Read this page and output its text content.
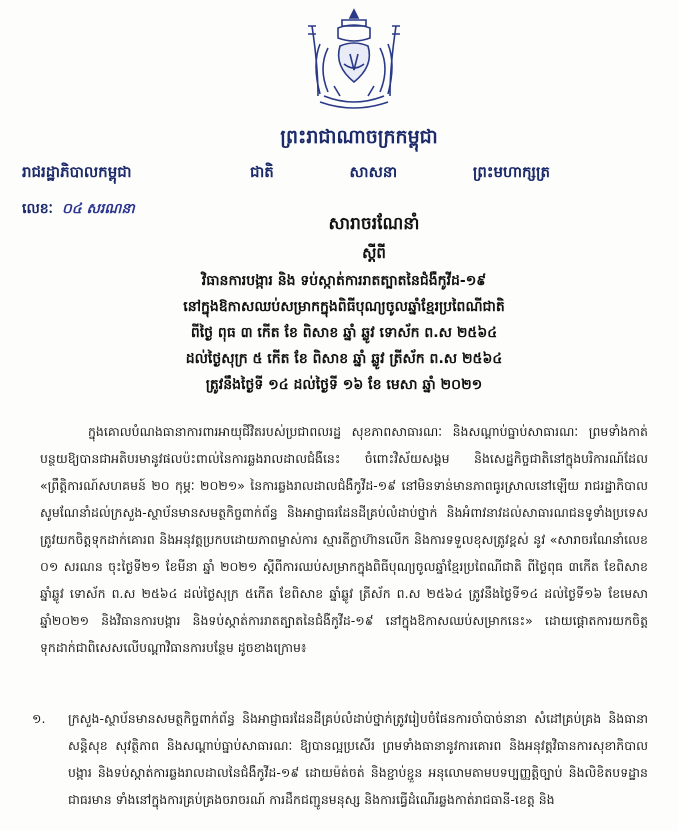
ព្រះរាជាណាចក្រកម្ពុជា
រាជរដ្ឋាភិបាលកម្ពុជា	ជាតិ	សាសនា	ព្រះមហាក្សត្រ
លេខៈ ០៤ សរណនា
សារាចរណែនាំ
ស្តីពី
វិធានការបង្ការ និង ទប់ស្កាត់ការរាតត្បាតនៃជំងឺកូវីដ-១៩
នៅក្នុងឱកាសឈប់សម្រាកក្នុងពិធីបុណ្យចូលឆ្នាំខ្មែរប្រពៃណីជាតិ
ពីថ្ងៃ ពុធ ៣ កើត ខែ ពិសាខ ឆ្នាំ ឆ្លូវ ទោស័ក ព.ស ២៥៦៤
ដល់ថ្ងៃសុក្រ ៥ កើត ខែ ពិសាខ ឆ្នាំ ឆ្លូវ ត្រីស័ក ព.ស ២៥៦៤
ត្រូវនឹងថ្ងៃទី ១៤ ដល់ថ្ងៃទី ១៦ ខែ មេសា ឆ្នាំ ២០២១
ក្នុងគោលបំណងធានាការពារអាយុជីវិតរបស់ប្រជាពលរដ្ឋ សុខភាពសាធារណៈ និងសណ្តាប់ធ្នាប់សាធារណៈ ព្រមទាំងកាត់បន្ថយឱ្យបានជាអតិបរមានូវផលប៉ះពាល់នៃការឆ្លងរាលដាលជំងឺនេះ ចំពោះវិស័យសង្គម និងសេដ្ឋកិច្ចជាតិនៅក្នុងបរិការណ៍ដែល «ព្រឹត្តិការណ៍សហគមន៍ ២០ កុម្ភៈ ២០២១» នៃការឆ្លងរាលដាលជំងឺកូវីដ-១៩ នៅមិនទាន់មានភាពធូរស្រាលនៅឡើយ រាជរដ្ឋាភិបាលសូមណែនាំដល់ក្រសួង-ស្ថាប័នមានសមត្ថកិច្ចពាក់ព័ន្ធ និងអាជ្ញាធរដែនដីគ្រប់លំដាប់ថ្នាក់ និងអំពាវនាវដល់សាធារណជនទូទាំងប្រទេសត្រូវយកចិត្តទុកដាក់គោរព និងអនុវត្តប្រកបដោយភាពម្ចាស់ការ ស្មារតីក្លាហ៊ានលើក និងការទទួលខុសត្រូវខ្ពស់ នូវ «សារាចរណែនាំលេខ ០១ សរណន ចុះថ្ងៃទី២១ ខែមីនា ឆ្នាំ ២០២១ ស្តីពីការឈប់សម្រាកក្នុងពិធីបុណ្យចូលឆ្នាំខ្មែរប្រពៃណីជាតិ ពីថ្ងៃពុធ ៣កើត ខែពិសាខ ឆ្នាំឆ្លូវ ទោស័ក ព.ស ២៥៦៤ ដល់ថ្ងៃសុក្រ ៥កើត ខែពិសាខ ឆ្នាំឆ្លូវ ត្រីស័ក ព.ស ២៥៦៤ ត្រូវនឹងថ្ងៃទី១៤ ដល់ថ្ងៃទី១៦ ខែមេសា ឆ្នាំ២០២១ និងវិធានការបង្ការ និងទប់ស្កាត់ការរាតត្បាតនៃជំងឺកូវីដ-១៩ នៅក្នុងឱកាសឈប់សម្រាកនេះ» ដោយផ្តោតការយកចិត្តទុកដាក់ជាពិសេសលើបណ្តាវិធានការបន្ថែម ដូចខាងក្រោម៖
១. ក្រសួង-ស្ថាប័នមានសមត្ថកិច្ចពាក់ព័ន្ធ និងអាជ្ញាធរដែនដីគ្រប់លំដាប់ថ្នាក់ត្រូវរៀបចំផែនការចាំបាច់នានា សំដៅគ្រប់គ្រង និងធានាសន្តិសុខ សុវត្ថិភាព និងសណ្តាប់ធ្នាប់សាធារណៈ ឱ្យបានល្អប្រសើរ ព្រមទាំងធានានូវការគោរព និងអនុវត្តវិធានការសុខាភិបាលបង្ការ និងទប់ស្កាត់ការឆ្លងរាលដាលនៃជំងឺកូវីដ-១៩ ដោយម៉ត់ចត់ និងខ្ជាប់ខ្ជួន អនុលោមតាមបទប្បញ្ញត្តិច្បាប់ និងលិខិតបទដ្ឋានជាធរមាន ទាំងនៅក្នុងការគ្រប់គ្រងចរាចរណ៍ ការដឹកជញ្ជូនមនុស្ស និងការធ្វើដំណើរឆ្លងកាត់រាជធានី-ខេត្ត និង
